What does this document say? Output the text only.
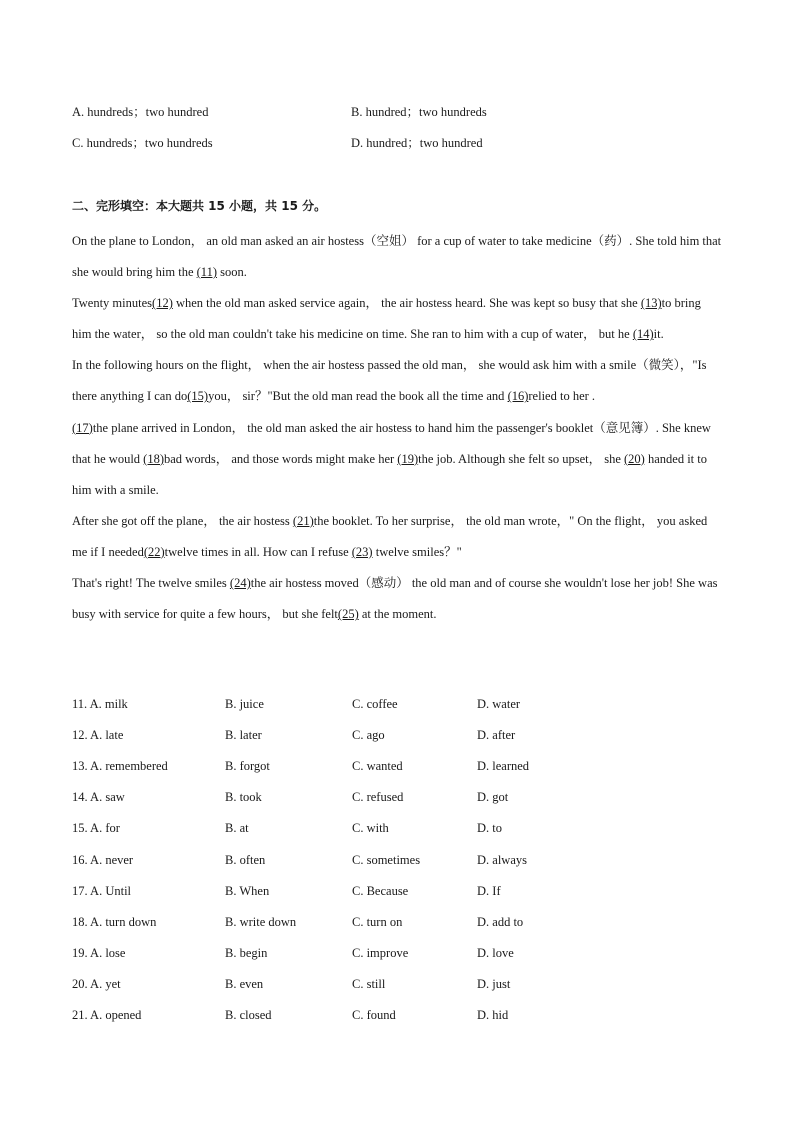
A. hundreds；two hundred	B. hundred；two hundreds
C. hundreds；two hundreds	D. hundred；two hundred
二、完形填空：本大题共 15 小题，共 15 分。

On the plane to London， an old man asked an air hostess（空姐） for a cup of water to take medicine（药）. She told him that she would bring him the (11) soon.

Twenty minutes(12) when the old man asked service again， the air hostess heard. She was kept so busy that she (13)to bring him the water， so the old man couldn't take his medicine on time. She ran to him with a cup of water， but he (14)it.

In the following hours on the flight， when the air hostess passed the old man， she would ask him with a smile（微笑），"Is there anything I can do(15)you， sir？"But the old man read the book all the time and (16)relied to her .

(17)the plane arrived in London， the old man asked the air hostess to hand him the passenger's booklet（意见簿）. She knew that he would (18)bad words， and those words might make her (19)the job. Although she felt so upset， she (20) handed it to him with a smile.

After she got off the plane， the air hostess (21)the booklet. To her surprise， the old man wrote，" On the flight， you asked me if I needed(22)twelve times in all. How can I refuse (23) twelve smiles？"

That's right! The twelve smiles (24)the air hostess moved（感动） the old man and of course she wouldn't lose her job! She was busy with service for quite a few hours， but she felt(25) at the moment.

11. A. milk	B. juice	C. coffee	D. water
12. A. late	B. later	C. ago	D. after
13. A. remembered	B. forgot	C. wanted	D. learned
14. A. saw	B. took	C. refused	D. got
15. A. for	B. at	C. with	D. to
16. A. never	B. often	C. sometimes	D. always
17. A. Until	B. When	C. Because	D. If
18. A. turn down	B. write down	C. turn on	D. add to
19. A. lose	B. begin	C. improve	D. love
20. A. yet	B. even	C. still	D. just
21. A. opened	B. closed	C. found	D. hid
